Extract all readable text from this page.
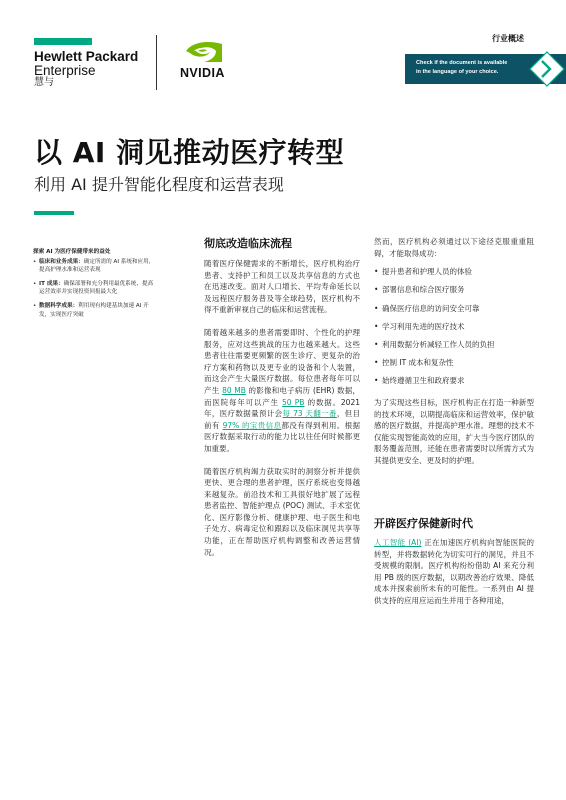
Hewlett Packard
Enterprise
慧与
NVIDIA
行业概述
Check if the document is available
in the language of your choice.
以 AI 洞见推动医疗转型
利用 AI 提升智能化程度和运营表现
探索 AI 为医疗保健带来的益处
• 临床和业务成果：确定所需的 AI 系统和应用，提高护理水准和运营表现
• IT 成果：确保部署和充分利用最优系统，提高运营效率并实现投资回报最大化
• 数据科学成果：利用现有构建基块加速 AI 开发，实现医疗突破
彻底改造临床流程

随着医疗保健需求的不断增长，医疗机构治疗患者、支持护工和员工以及共享信息的方式也在迅速改变。面对人口增长、平均寿命延长以及远程医疗服务普及等全球趋势，医疗机构不得不重新审视自己的临床和运营流程。

随着越来越多的患者需要即时、个性化的护理服务，应对这些挑战的压力也越来越大。这些患者往往需要更频繁的医生诊疗、更复杂的治疗方案和药物以及更专业的设备和个人装置，而这会产生大量医疗数据。每位患者每年可以产生 80 MB 的影像和电子病历 (EHR) 数据，而医院每年可以产生 50 PB 的数据。2021 年，医疗数据量预计会每 73 天翻一番，但目前有 97% 的宝贵信息都没有得到利用。根据医疗数据采取行动的能力比以往任何时候都更加重要。

随着医疗机构竭力获取实时的洞察分析并提供更快、更合理的患者护理，医疗系统也变得越来越复杂。前沿技术和工具很好地扩展了远程患者监控、智能护理点 (POC) 测试、手术室优化、医疗影像分析、健康护理、电子医生和电子处方、病毒定位和跟踪以及临床洞见共享等功能，正在帮助医疗机构调整和改善运营情况。

然而，医疗机构必须通过以下途径克服重重阻碍，才能取得成功：

• 提升患者和护理人员的体验
• 部署信息和综合医疗服务
• 确保医疗信息的访问安全可靠
• 学习利用先进的医疗技术
• 利用数据分析减轻工作人员的负担
• 控制 IT 成本和复杂性
• 始终遵循卫生和政府要求

为了实现这些目标，医疗机构正在打造一种新型的技术环境，以期提高临床和运营效率，保护敏感的医疗数据，并提高护理水准。理想的技术不仅能实现智能高效的应用，扩大当今医疗团队的服务覆盖范围，还能在患者需要时以所需方式为其提供更安全、更及时的护理。

开辟医疗保健新时代

人工智能 (AI) 正在加速医疗机构向智能医院的转型，并将数据转化为切实可行的洞见，并且不受规模的限制。医疗机构纷纷借助 AI 来充分利用 PB 级的医疗数据，以期改善治疗效果、降低成本并探索前所未有的可能性。一系列由 AI 提供支持的应用应运而生并用于各种用途，
